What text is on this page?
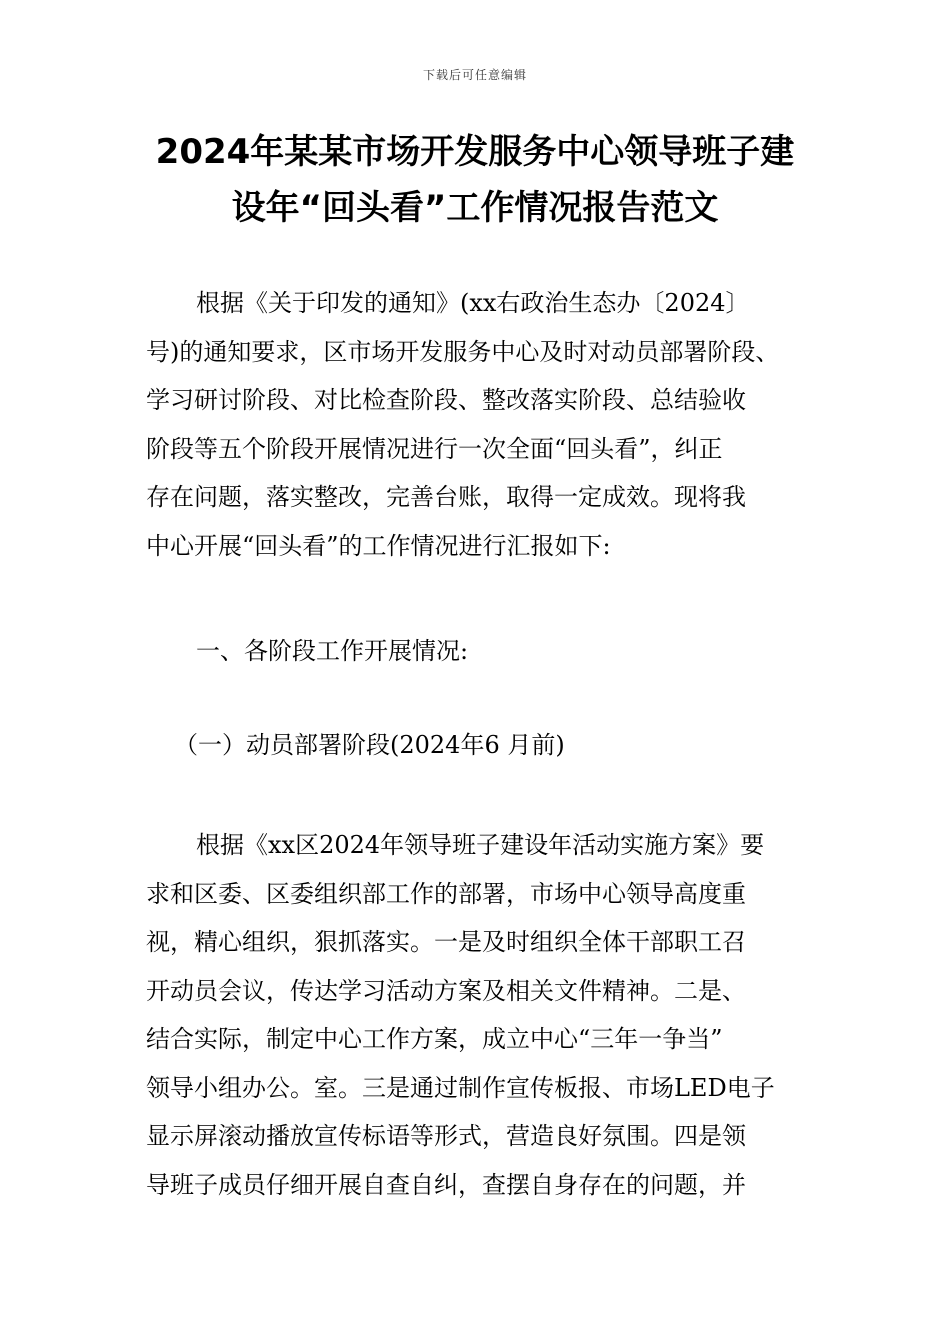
下载后可任意编辑
2024年某某市场开发服务中心领导班子建
设年“回头看”工作情况报告范文

根据《关于印发的通知》(xx右政治生态办〔2024〕
号)的通知要求，区市场开发服务中心及时对动员部署阶段、
学习研讨阶段、对比检查阶段、整改落实阶段、总结验收
阶段等五个阶段开展情况进行一次全面“回头看”，纠正
存在问题，落实整改，完善台账，取得一定成效。现将我
中心开展“回头看”的工作情况进行汇报如下:

一、各阶段工作开展情况:

（一）动员部署阶段(2024年6 月前)

根据《xx区2024年领导班子建设年活动实施方案》要
求和区委、区委组织部工作的部署，市场中心领导高度重
视，精心组织，狠抓落实。一是及时组织全体干部职工召
开动员会议，传达学习活动方案及相关文件精神。二是、
结合实际，制定中心工作方案，成立中心“三年一争当”
领导小组办公。室。三是通过制作宣传板报、市场LED电子
显示屏滚动播放宣传标语等形式，营造良好氛围。四是领
导班子成员仔细开展自查自纠，查摆自身存在的问题，并
